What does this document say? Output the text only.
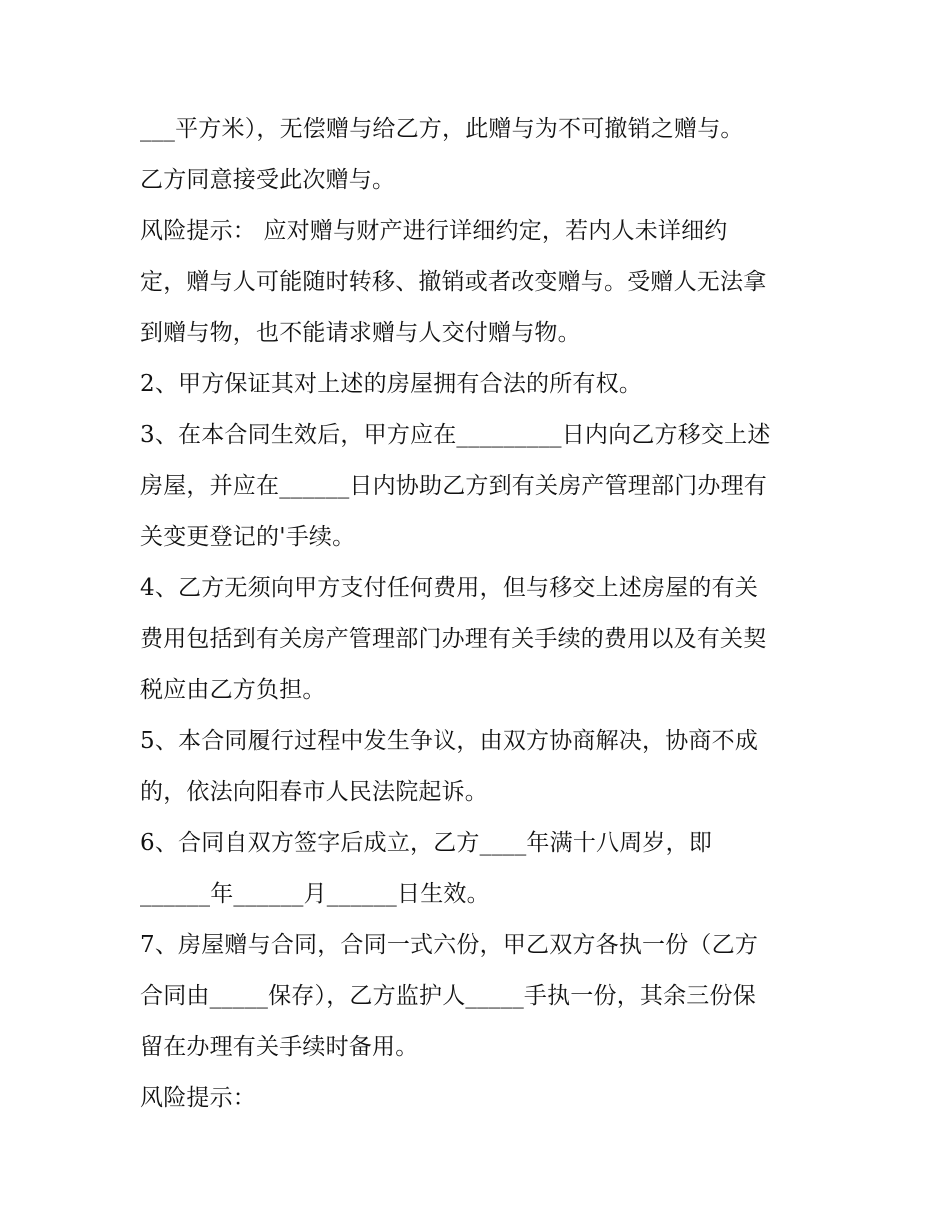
___平方米），无偿赠与给乙方，此赠与为不可撤销之赠与。
乙方同意接受此次赠与。
风险提示： 应对赠与财产进行详细约定，若内人未详细约
定，赠与人可能随时转移、撤销或者改变赠与。受赠人无法拿
到赠与物，也不能请求赠与人交付赠与物。
2、甲方保证其对上述的房屋拥有合法的所有权。
3、在本合同生效后，甲方应在_________日内向乙方移交上述
房屋，并应在______日内协助乙方到有关房产管理部门办理有
关变更登记的'手续。
4、乙方无须向甲方支付任何费用，但与移交上述房屋的有关
费用包括到有关房产管理部门办理有关手续的费用以及有关契
税应由乙方负担。
5、本合同履行过程中发生争议，由双方协商解决，协商不成
的，依法向阳春市人民法院起诉。
6、合同自双方签字后成立，乙方____年满十八周岁，即
______年______月______日生效。
7、房屋赠与合同，合同一式六份，甲乙双方各执一份（乙方
合同由_____保存），乙方监护人_____手执一份，其余三份保
留在办理有关手续时备用。
风险提示：
